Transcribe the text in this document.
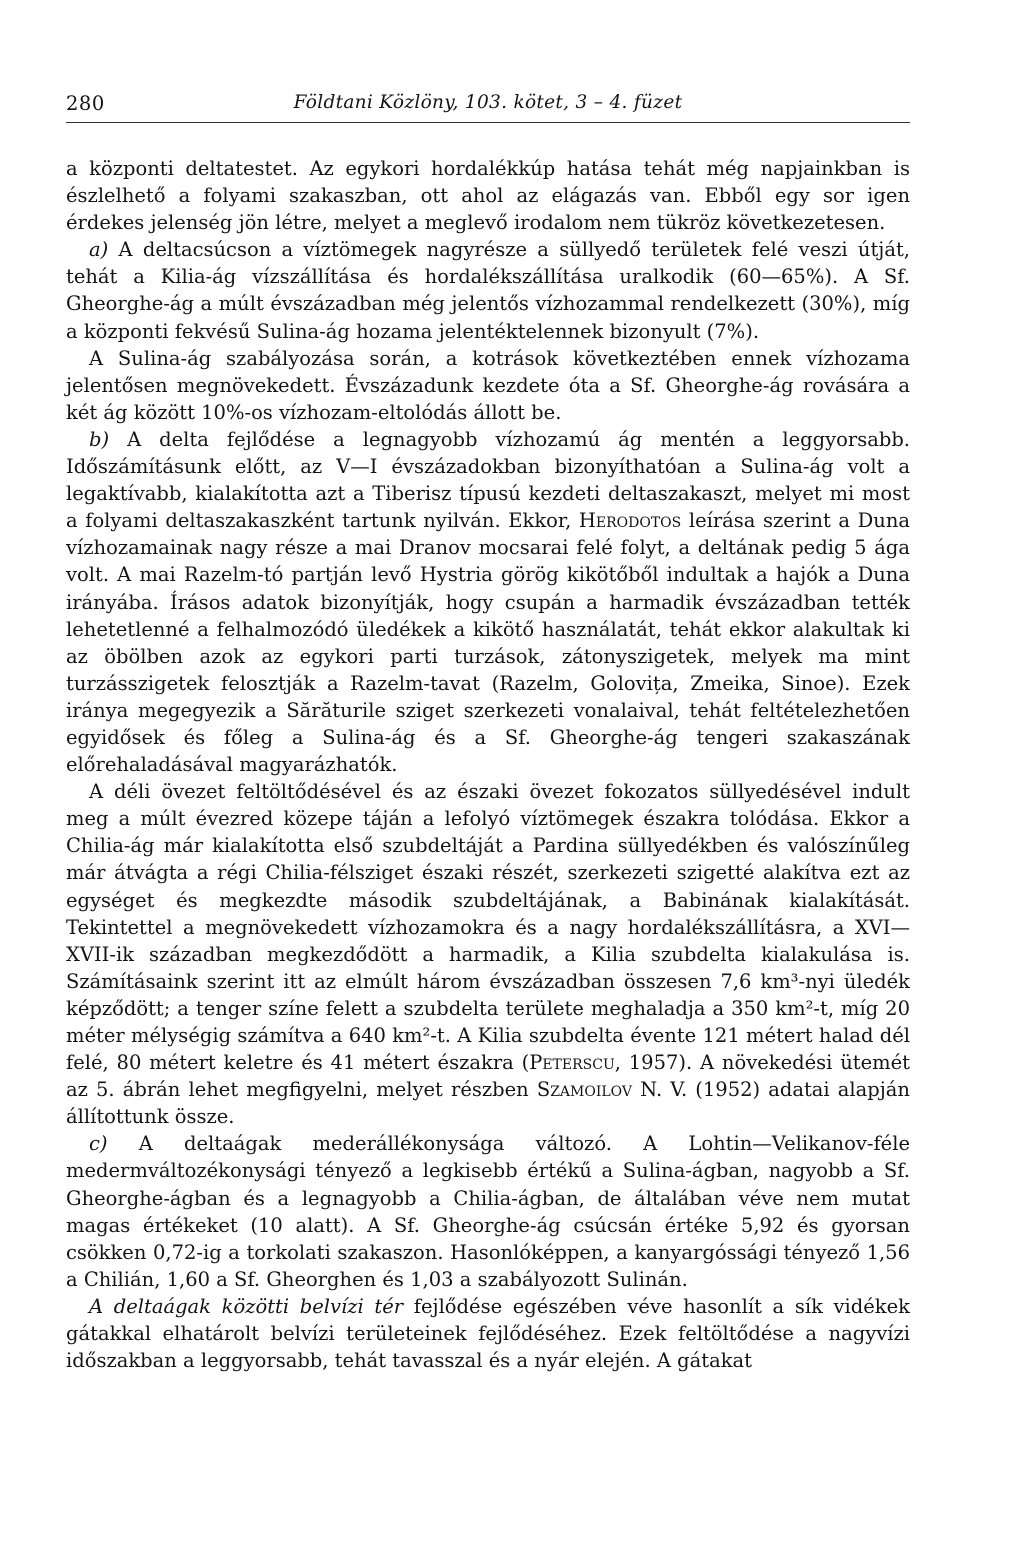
280	Földtani Közlöny, 103. kötet, 3 – 4. füzet

a központi deltatestet. Az egykori hordalékkúp hatása tehát még napjainkban is észlelhető a folyami szakaszban, ott ahol az elágazás van. Ebből egy sor igen érdekes jelenség jön létre, melyet a meglevő irodalom nem tükröz következetesen.

a) A deltacsúcson a víztömegek nagyrésze a süllyedő területek felé veszi útját, tehát a Kilia-ág vízszállítása és hordalékszállítása uralkodik (60—65%). A Sf. Gheorghe-ág a múlt évszázadban még jelentős vízhozammal rendelkezett (30%), míg a központi fekvésű Sulina-ág hozama jelentéktelennek bizonyult (7%).

A Sulina-ág szabályozása során, a kotrások következtében ennek vízhozama jelentősen megnövekedett. Évszázadunk kezdete óta a Sf. Gheorghe-ág rovására a két ág között 10%-os vízhozam-eltolódás állott be.

b) A delta fejlődése a legnagyobb vízhozamú ág mentén a leggyorsabb. Időszámításunk előtt, az V—I évszázadokban bizonyíthatóan a Sulina-ág volt a legaktívabb, kialakította azt a Tiberisz típusú kezdeti deltaszakaszt, melyet mi most a folyami deltaszakaszként tartunk nyilván. Ekkor, Herodotos leírása szerint a Duna vízhozamainak nagy része a mai Dranov mocsarai felé folyt, a deltának pedig 5 ága volt. A mai Razelm-tó partján levő Hystria görög kikötőből indultak a hajók a Duna irányába. Írásos adatok bizonyítják, hogy csupán a harmadik évszázadban tették lehetetlenné a felhalmozódó üledékek a kikötő használatát, tehát ekkor alakultak ki az öbölben azok az egykori parti turzások, zátonyszigetek, melyek ma mint turzásszigetek felosztják a Razelm-tavat (Razelm, Golovița, Zmeika, Sinoe). Ezek iránya megegyezik a Sărăturile sziget szerkezeti vonalaival, tehát feltételezhetően egyidősek és főleg a Sulina-ág és a Sf. Gheorghe-ág tengeri szakaszának előrehaladásával magyarázhatók.

A déli övezet feltöltődésével és az északi övezet fokozatos süllyedésével indult meg a múlt évezred közepe táján a lefolyó víztömegek északra tolódása. Ekkor a Chilia-ág már kialakította első szubdeltáját a Pardina süllyedékben és valószínűleg már átvágta a régi Chilia-félsziget északi részét, szerkezeti szigetté alakítva ezt az egységet és megkezdte második szubdeltájának, a Babinának kialakítását. Tekintettel a megnövekedett vízhozamokra és a nagy hordalékszállításra, a XVI—XVII-ik században megkezdődött a harmadik, a Kilia szubdelta kialakulása is. Számításaink szerint itt az elmúlt három évszázadban összesen 7,6 km³-nyi üledék képződött; a tenger színe felett a szubdelta területe meghaladja a 350 km²-t, míg 20 méter mélységig számítva a 640 km²-t. A Kilia szubdelta évente 121 métert halad dél felé, 80 métert keletre és 41 métert északra (Peterscu, 1957). A növekedési ütemét az 5. ábrán lehet megfigyelni, melyet részben Szamoilov N. V. (1952) adatai alapján állítottunk össze.

c) A deltaágak mederállékonysága változó. A Lohtin—Velikanov-féle medermváltozékonysági tényező a legkisebb értékű a Sulina-ágban, nagyobb a Sf. Gheorghe-ágban és a legnagyobb a Chilia-ágban, de általában véve nem mutat magas értékeket (10 alatt). A Sf. Gheorghe-ág csúcsán értéke 5,92 és gyorsan csökken 0,72-ig a torkolati szakaszon. Hasonlóképpen, a kanyargóssági tényező 1,56 a Chilián, 1,60 a Sf. Gheorghen és 1,03 a szabályozott Sulinán.

A deltaágak közötti belvízi tér fejlődése egészében véve hasonlít a sík vidékek gátakkal elhatárolt belvízi területeinek fejlődéséhez. Ezek feltöltődése a nagyvízi időszakban a leggyorsabb, tehát tavasszal és a nyár elején. A gátakat
